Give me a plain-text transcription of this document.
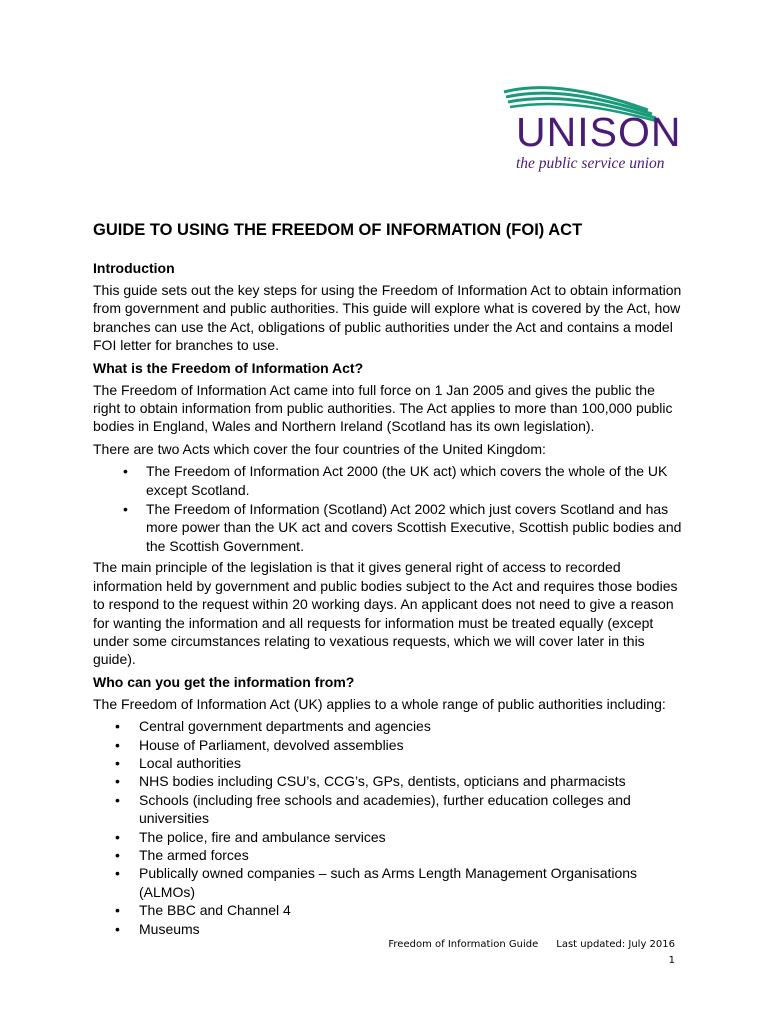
UNISON
the public service union
GUIDE TO USING THE FREEDOM OF INFORMATION (FOI) ACT
Introduction

This guide sets out the key steps for using the Freedom of Information Act to obtain information from government and public authorities. This guide will explore what is covered by the Act, how branches can use the Act, obligations of public authorities under the Act and contains a model FOI letter for branches to use.

What is the Freedom of Information Act?

The Freedom of Information Act came into full force on 1 Jan 2005 and gives the public the right to obtain information from public authorities. The Act applies to more than 100,000 public bodies in England, Wales and Northern Ireland (Scotland has its own legislation).

There are two Acts which cover the four countries of the United Kingdom:

• The Freedom of Information Act 2000 (the UK act) which covers the whole of the UK except Scotland.
• The Freedom of Information (Scotland) Act 2002 which just covers Scotland and has more power than the UK act and covers Scottish Executive, Scottish public bodies and the Scottish Government.

The main principle of the legislation is that it gives general right of access to recorded information held by government and public bodies subject to the Act and requires those bodies to respond to the request within 20 working days. An applicant does not need to give a reason for wanting the information and all requests for information must be treated equally (except under some circumstances relating to vexatious requests, which we will cover later in this guide).

Who can you get the information from?

The Freedom of Information Act (UK) applies to a whole range of public authorities including:

• Central government departments and agencies
• House of Parliament, devolved assemblies
• Local authorities
• NHS bodies including CSU’s, CCG’s, GPs, dentists, opticians and pharmacists
• Schools (including free schools and academies), further education colleges and universities
• The police, fire and ambulance services
• The armed forces
• Publically owned companies – such as Arms Length Management Organisations (ALMOs)
• The BBC and Channel 4
• Museums
Freedom of Information Guide Last updated: July 2016
1
